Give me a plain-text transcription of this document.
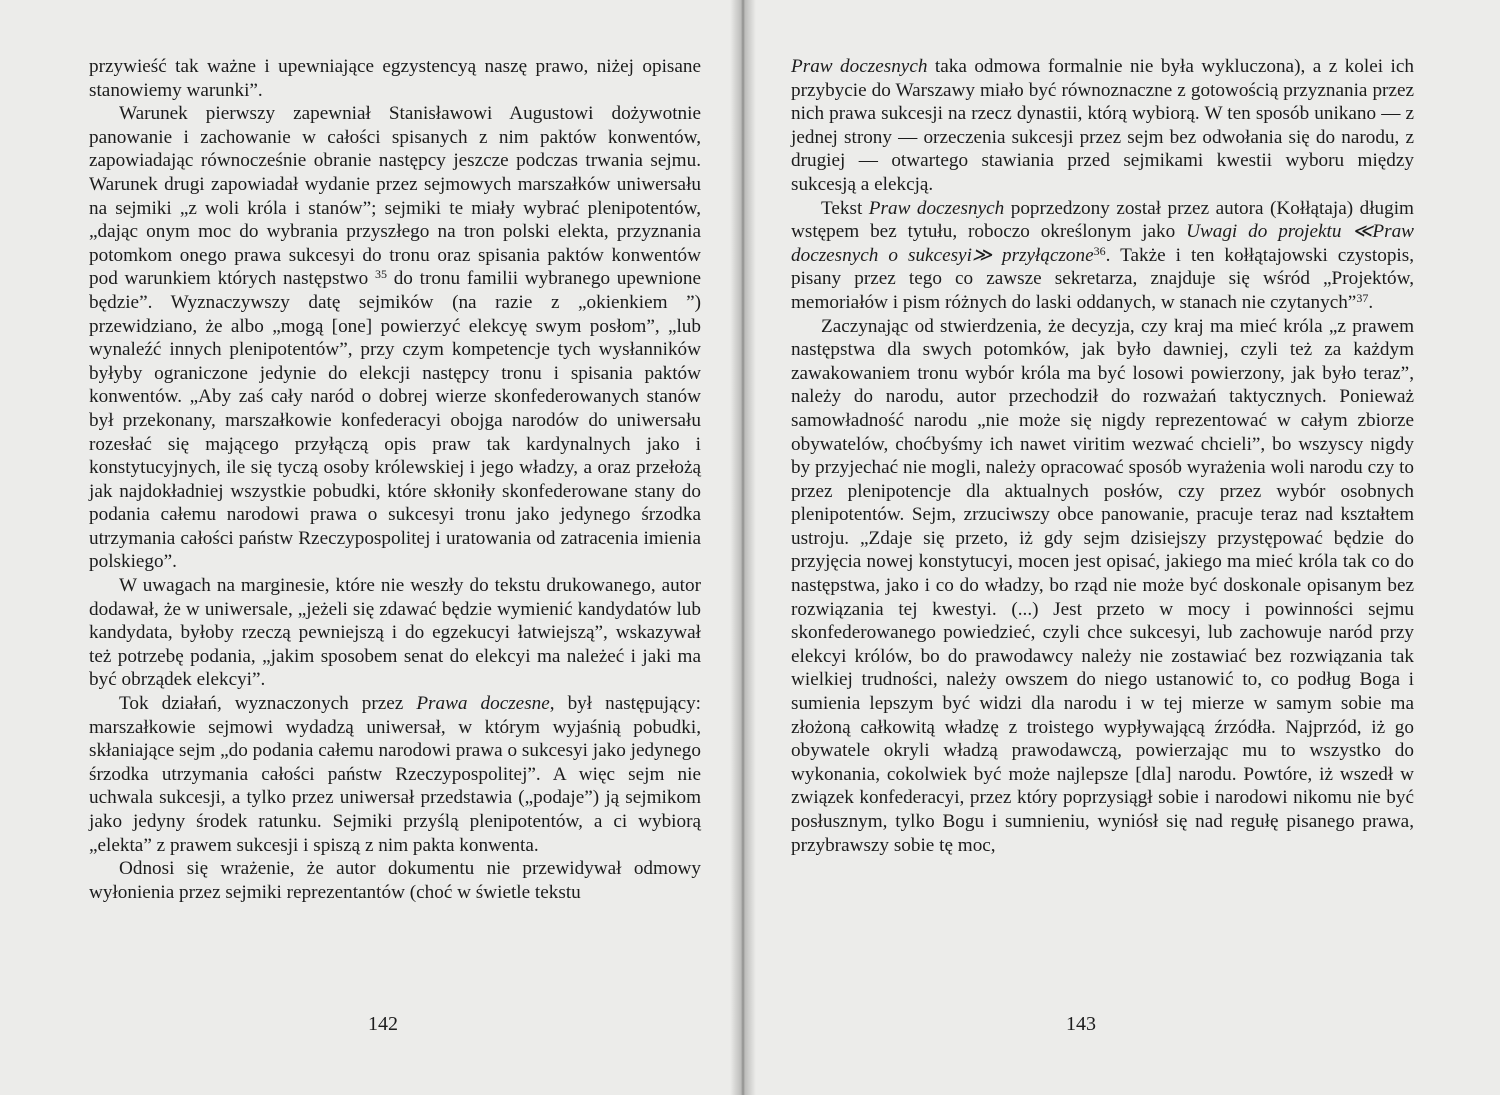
przywieść tak ważne i upewniające egzystencyą naszę prawo, niżej opisane stanowiemy warunki”.

Warunek pierwszy zapewniał Stanisławowi Augustowi dożywotnie panowanie i zachowanie w całości spisanych z nim paktów konwentów, zapowiadając równocześnie obranie następcy jeszcze podczas trwania sejmu. Warunek drugi zapowiadał wydanie przez sejmowych marszałków uniwersału na sejmiki „z woli króla i stanów”; sejmiki te miały wybrać plenipotentów, „dając onym moc do wybrania przyszłego na tron polski elekta, przyznania potomkom onego prawa sukcesyi do tronu oraz spisania paktów konwentów pod warunkiem których następstwo $^{35}$ do tronu familii wybranego upewnione będzie”. Wyznaczywszy datę sejmików (na razie z „okienkiem ”) przewidziano, że albo „mogą [one] powierzyć elekcyę swym posłom”, „lub wynaleźć innych plenipotentów”, przy czym kompetencje tych wysłanników byłyby ograniczone jedynie do elekcji następcy tronu i spisania paktów konwentów. „Aby zaś cały naród o dobrej wierze skonfederowanych stanów był przekonany, marszałkowie konfederacyi obojga narodów do uniwersału rozesłać się mającego przyłączą opis praw tak kardynalnych jako i konstytucyjnych, ile się tyczą osoby królewskiej i jego władzy, a oraz przełożą jak najdokładniej wszystkie pobudki, które skłoniły skonfederowane stany do podania całemu narodowi prawa o sukcesyi tronu jako jedynego śrzodka utrzymania całości państw Rzeczypospolitej i uratowania od zatracenia imienia polskiego”.

W uwagach na marginesie, które nie weszły do tekstu drukowanego, autor dodawał, że w uniwersale, „jeżeli się zdawać będzie wymienić kandydatów lub kandydata, byłoby rzeczą pewniejszą i do egzekucyi łatwiejszą”, wskazywał też potrzebę podania, „jakim sposobem senat do elekcyi ma należeć i jaki ma być obrządek elekcyi”.

Tok działań, wyznaczonych przez Prawa doczesne, był następujący: marszałkowie sejmowi wydadzą uniwersał, w którym wyjaśnią pobudki, skłaniające sejm „do podania całemu narodowi prawa o sukcesyi jako jedynego śrzodka utrzymania całości państw Rzeczypospolitej”. A więc sejm nie uchwala sukcesji, a tylko przez uniwersał przedstawia („podaje”) ją sejmikom jako jedyny środek ratunku. Sejmiki przyślą plenipotentów, a ci wybiorą „elekta” z prawem sukcesji i spiszą z nim pakta konwenta.

Odnosi się wrażenie, że autor dokumentu nie przewidywał odmowy wyłonienia przez sejmiki reprezentantów (choć w świetle tekstu

142

Praw doczesnych taka odmowa formalnie nie była wykluczona), a z kolei ich przybycie do Warszawy miało być równoznaczne z gotowością przyznania przez nich prawa sukcesji na rzecz dynastii, którą wybiorą. W ten sposób unikano — z jednej strony — orzeczenia sukcesji przez sejm bez odwołania się do narodu, z drugiej — otwartego stawiania przed sejmikami kwestii wyboru między sukcesją a elekcją.

Tekst Praw doczesnych poprzedzony został przez autora (Kołłątaja) długim wstępem bez tytułu, roboczo określonym jako Uwagi do projektu ≪Praw doczesnych o sukcesyi≫ przyłączone$^{36}$. Także i ten kołłątajowski czystopis, pisany przez tego co zawsze sekretarza, znajduje się wśród „Projektów, memoriałów i pism różnych do laski oddanych, w stanach nie czytanych”$^{37}$.

Zaczynając od stwierdzenia, że decyzja, czy kraj ma mieć króla „z prawem następstwa dla swych potomków, jak było dawniej, czyli też za każdym zawakowaniem tronu wybór króla ma być losowi powierzony, jak było teraz”, należy do narodu, autor przechodził do rozważań taktycznych. Ponieważ samowładność narodu „nie może się nigdy reprezentować w całym zbiorze obywatelów, choćbyśmy ich nawet viritim wezwać chcieli”, bo wszyscy nigdy by przyjechać nie mogli, należy opracować sposób wyrażenia woli narodu czy to przez plenipotencje dla aktualnych posłów, czy przez wybór osobnych plenipotentów. Sejm, zrzuciwszy obce panowanie, pracuje teraz nad kształtem ustroju. „Zdaje się przeto, iż gdy sejm dzisiejszy przystępować będzie do przyjęcia nowej konstytucyi, mocen jest opisać, jakiego ma mieć króla tak co do następstwa, jako i co do władzy, bo rząd nie może być doskonale opisanym bez rozwiązania tej kwestyi. (...) Jest przeto w mocy i powinności sejmu skonfederowanego powiedzieć, czyli chce sukcesyi, lub zachowuje naród przy elekcyi królów, bo do prawodawcy należy nie zostawiać bez rozwiązania tak wielkiej trudności, należy owszem do niego ustanowić to, co podług Boga i sumienia lepszym być widzi dla narodu i w tej mierze w samym sobie ma złożoną całkowitą władzę z troistego wypływającą źrzódła. Najprzód, iż go obywatele okryli władzą prawodawczą, powierzając mu to wszystko do wykonania, cokolwiek być może najlepsze [dla] narodu. Powtóre, iż wszedł w związek konfederacyi, przez który poprzysiągł sobie i narodowi nikomu nie być posłusznym, tylko Bogu i sumnieniu, wyniósł się nad regułę pisanego prawa, przybrawszy sobie tę moc,

143
